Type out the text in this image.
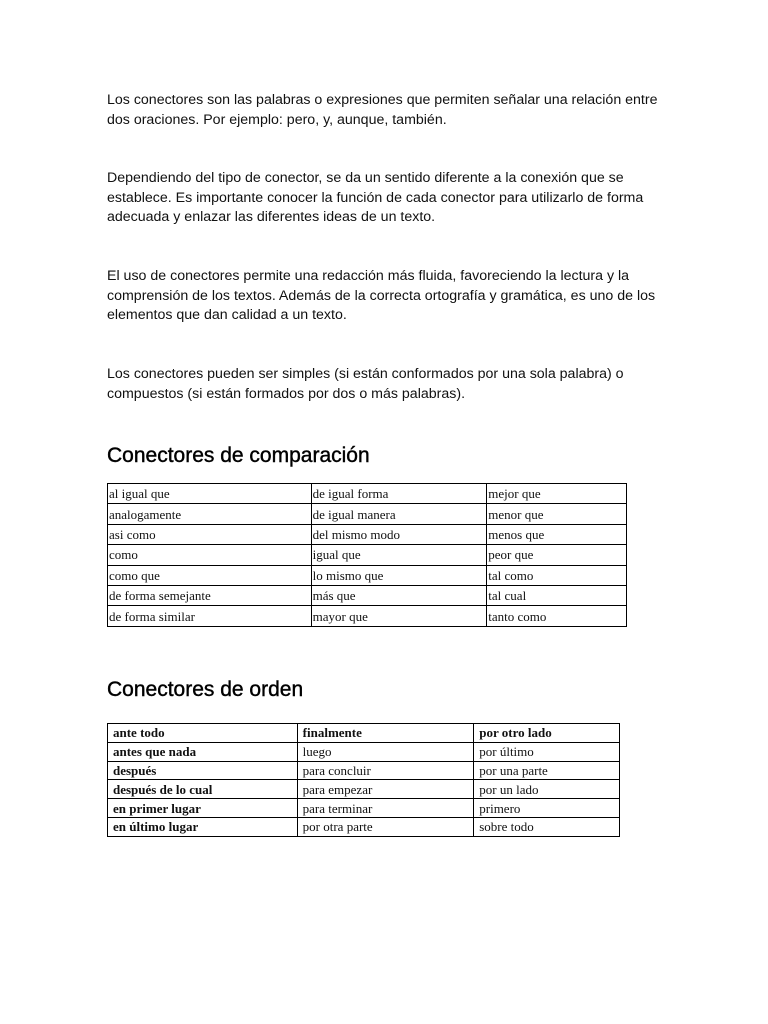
Los conectores son las palabras o expresiones que permiten señalar una relación entre dos oraciones. Por ejemplo: pero, y, aunque, también.

Dependiendo del tipo de conector, se da un sentido diferente a la conexión que se establece. Es importante conocer la función de cada conector para utilizarlo de forma adecuada y enlazar las diferentes ideas de un texto.

El uso de conectores permite una redacción más fluida, favoreciendo la lectura y la comprensión de los textos. Además de la correcta ortografía y gramática, es uno de los elementos que dan calidad a un texto.

Los conectores pueden ser simples (si están conformados por una sola palabra) o compuestos (si están formados por dos o más palabras).

Conectores de comparación
al igual que	de igual forma	mejor que
analogamente	de igual manera	menor que
asi como	del mismo modo	menos que
como	igual que	peor que
como que	lo mismo que	tal como
de forma semejante	más que	tal cual
de forma similar	mayor que	tanto como
Conectores de orden
ante todo	finalmente	por otro lado
antes que nada	luego	por último
después	para concluir	por una parte
después de lo cual	para empezar	por un lado
en primer lugar	para terminar	primero
en último lugar	por otra parte	sobre todo
